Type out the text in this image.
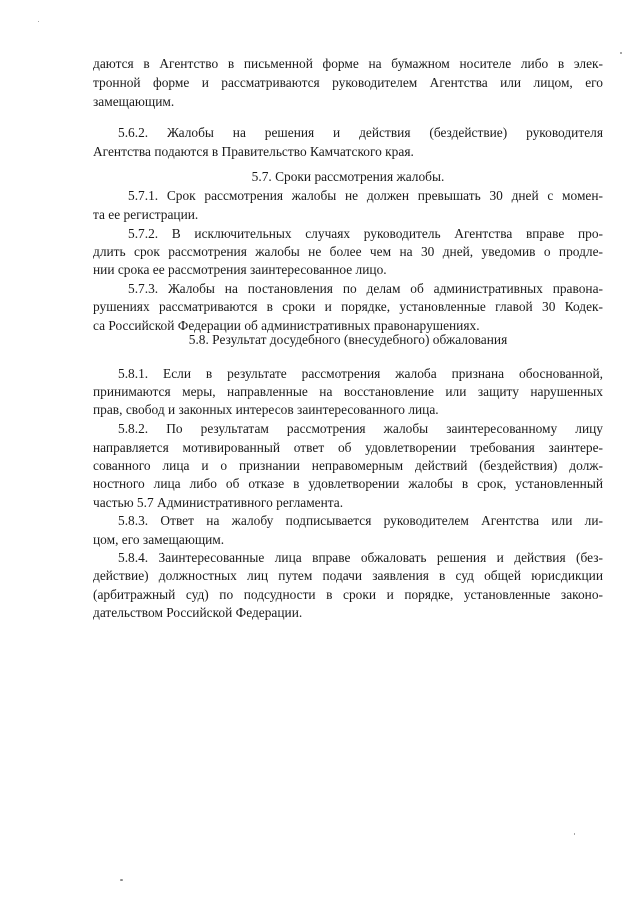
даются в Агентство в письменной форме на бумажном носителе либо в элек-
тронной форме и рассматриваются руководителем Агентства или лицом, его
замещающим.
5.6.2. Жалобы на решения и действия (бездействие) руководителя
Агентства подаются в Правительство Камчатского края.
5.7. Сроки рассмотрения жалобы.
5.7.1. Срок рассмотрения жалобы не должен превышать 30 дней с момен-
та ее регистрации.
5.7.2. В исключительных случаях руководитель Агентства вправе про-
длить срок рассмотрения жалобы не более чем на 30 дней, уведомив о продле-
нии срока ее рассмотрения заинтересованное лицо.
5.7.3. Жалобы на постановления по делам об административных правона-
рушениях рассматриваются в сроки и порядке, установленные главой 30 Кодек-
са Российской Федерации об административных правонарушениях.
5.8. Результат досудебного (внесудебного) обжалования
5.8.1. Если в результате рассмотрения жалоба признана обоснованной,
принимаются меры, направленные на восстановление или защиту нарушенных
прав, свобод и законных интересов заинтересованного лица.
5.8.2. По результатам рассмотрения жалобы заинтересованному лицу
направляется мотивированный ответ об удовлетворении требования заинтере-
сованного лица и о признании неправомерным действий (бездействия) долж-
ностного лица либо об отказе в удовлетворении жалобы в срок, установленный
частью 5.7 Административного регламента.
5.8.3. Ответ на жалобу подписывается руководителем Агентства или ли-
цом, его замещающим.
5.8.4. Заинтересованные лица вправе обжаловать решения и действия (без-
действие) должностных лиц путем подачи заявления в суд общей юрисдикции
(арбитражный суд) по подсудности в сроки и порядке, установленные законо-
дательством Российской Федерации.
